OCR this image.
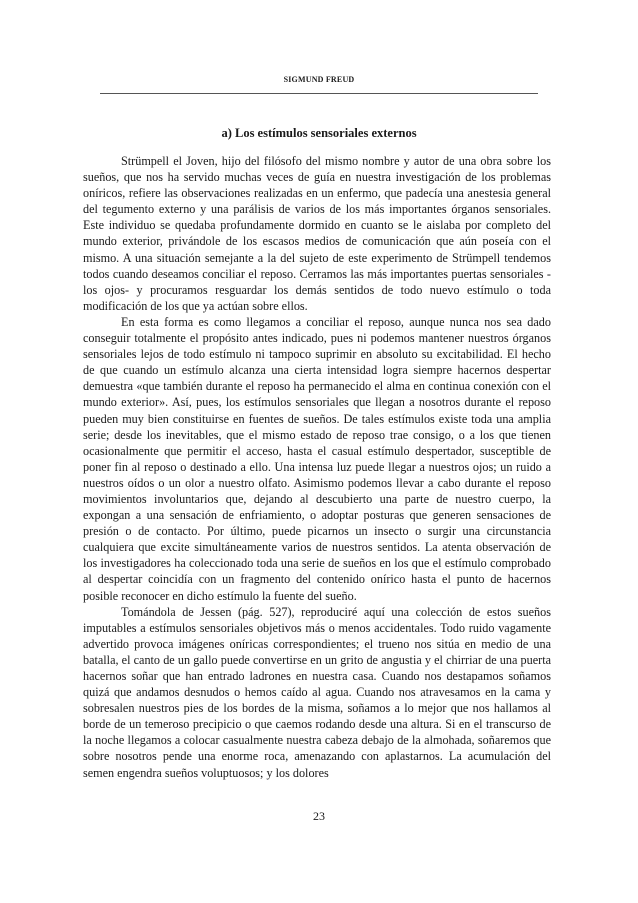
SIGMUND FREUD
a) Los estímulos sensoriales externos

Strümpell el Joven, hijo del filósofo del mismo nombre y autor de una obra sobre los sueños, que nos ha servido muchas veces de guía en nuestra investigación de los problemas oníricos, refiere las observaciones realizadas en un enfermo, que padecía una anestesia general del tegumento externo y una parálisis de varios de los más importantes órganos sensoriales. Este individuo se quedaba profundamente dormido en cuanto se le aislaba por completo del mundo exterior, privándole de los escasos medios de comunicación que aún poseía con el mismo. A una situación semejante a la del sujeto de este experimento de Strümpell tendemos todos cuando deseamos conciliar el reposo. Cerramos las más importantes puertas sensoriales -los ojos- y procuramos resguardar los demás sentidos de todo nuevo estímulo o toda modificación de los que ya actúan sobre ellos.

En esta forma es como llegamos a conciliar el reposo, aunque nunca nos sea dado conseguir totalmente el propósito antes indicado, pues ni podemos mantener nuestros órganos sensoriales lejos de todo estímulo ni tampoco suprimir en absoluto su excitabilidad. El hecho de que cuando un estímulo alcanza una cierta intensidad logra siempre hacernos despertar demuestra «que también durante el reposo ha permanecido el alma en continua conexión con el mundo exterior». Así, pues, los estímulos sensoriales que llegan a nosotros durante el reposo pueden muy bien constituirse en fuentes de sueños. De tales estímulos existe toda una amplia serie; desde los inevitables, que el mismo estado de reposo trae consigo, o a los que tienen ocasionalmente que permitir el acceso, hasta el casual estímulo despertador, susceptible de poner fin al reposo o destinado a ello. Una intensa luz puede llegar a nuestros ojos; un ruido a nuestros oídos o un olor a nuestro olfato. Asimismo podemos llevar a cabo durante el reposo movimientos involuntarios que, dejando al descubierto una parte de nuestro cuerpo, la expongan a una sensación de enfriamiento, o adoptar posturas que generen sensaciones de presión o de contacto. Por último, puede picarnos un insecto o surgir una circunstancia cualquiera que excite simultáneamente varios de nuestros sentidos. La atenta observación de los investigadores ha coleccionado toda una serie de sueños en los que el estímulo comprobado al despertar coincidía con un fragmento del contenido onírico hasta el punto de hacernos posible reconocer en dicho estímulo la fuente del sueño.

Tomándola de Jessen (pág. 527), reproduciré aquí una colección de estos sueños imputables a estímulos sensoriales objetivos más o menos accidentales. Todo ruido vagamente advertido provoca imágenes oníricas correspondientes; el trueno nos sitúa en medio de una batalla, el canto de un gallo puede convertirse en un grito de angustia y el chirriar de una puerta hacernos soñar que han entrado ladrones en nuestra casa. Cuando nos destapamos soñamos quizá que andamos desnudos o hemos caído al agua. Cuando nos atravesamos en la cama y sobresalen nuestros pies de los bordes de la misma, soñamos a lo mejor que nos hallamos al borde de un temeroso precipicio o que caemos rodando desde una altura. Si en el transcurso de la noche llegamos a colocar casualmente nuestra cabeza debajo de la almohada, soñaremos que sobre nosotros pende una enorme roca, amenazando con aplastarnos. La acumulación del semen engendra sueños voluptuosos; y los dolores

23
